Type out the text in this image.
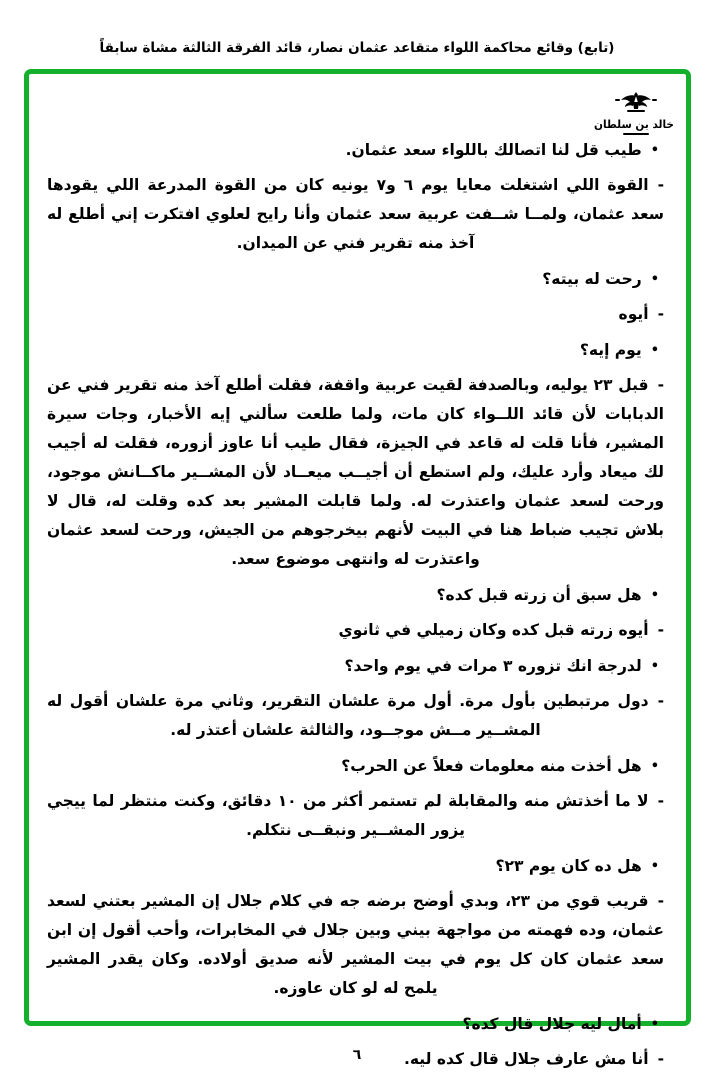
(تابع) وقائع محاكمة اللواء متقاعد عثمان نصار، قائد الفرقة الثالثة مشاة سابقاً
خالد بن سلطان
•طيب قل لنا اتصالك باللواء سعد عثمان.
-القوة اللي اشتغلت معايا يوم ٦ و٧ يونيه كان من القوة المدرعة اللي يقودها سعد عثمان، ولمــا شــفت عربية سعد عثمان وأنا رايح لعلوي افتكرت إني أطلع له آخذ منه تقرير فني عن الميدان.
•رحت له بيته؟
-أيوه
•يوم إيه؟
-قبل ٢٣ يوليه، وبالصدفة لقيت عربية واقفة، فقلت أطلع آخذ منه تقرير فني عن الدبابات لأن قائد اللــواء كان مات، ولما طلعت سألني إيه الأخبار، وجات سيرة المشير، فأنا قلت له قاعد في الجيزة، فقال طيب أنا عاوز أزوره، فقلت له أجيب لك ميعاد وأرد عليك، ولم استطع أن أجيــب ميعــاد لأن المشــير ماكــانش موجود، ورحت لسعد عثمان واعتذرت له. ولما قابلت المشير بعد كده وقلت له، قال لا بلاش تجيب ضباط هنا في البيت لأنهم بيخرجوهم من الجيش، ورحت لسعد عثمان واعتذرت له وانتهى موضوع سعد.
•هل سبق أن زرته قبل كده؟
-أيوه زرته قبل كده وكان زميلي في ثانوي
•لدرجة انك تزوره ٣ مرات في يوم واحد؟
-دول مرتبطين بأول مرة. أول مرة علشان التقرير، وثاني مرة علشان أقول له المشــير مــش موجــود، والثالثة علشان أعتذر له.
•هل أخذت منه معلومات فعلاً عن الحرب؟
-لا ما أخذتش منه والمقابلة لم تستمر أكثر من ١٠ دقائق، وكنت منتظر لما ييجي يزور المشــير ونبقــى نتكلم.
•هل ده كان يوم ٢٣؟
-قريب قوي من ٢٣، وبدي أوضح برضه جه في كلام جلال إن المشير بعتني لسعد عثمان، وده فهمته من مواجهة بيني وبين جلال في المخابرات، وأحب أقول إن ابن سعد عثمان كان كل يوم في بيت المشير لأنه صديق أولاده. وكان يقدر المشير يلمح له لو كان عاوزه.
•أمال ليه جلال قال كده؟
-أنا مش عارف جلال قال كده ليه.
٦
